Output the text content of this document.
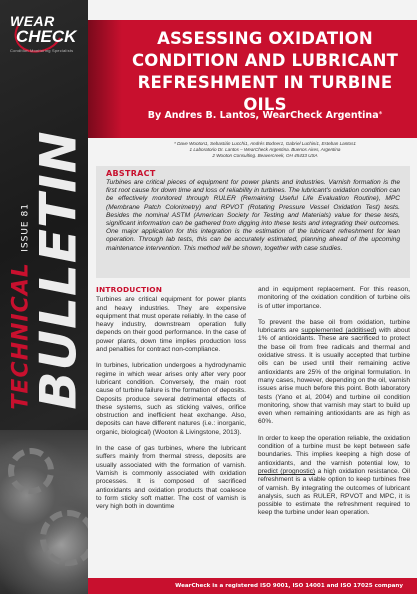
WEAR
CHECK
Condition Monitoring Specialists
TECHNICAL ISSUE 81 BULLETIN
ASSESSING OXIDATION
CONDITION AND LUBRICANT
REFRESHMENT IN TURBINE OILS
By Andres B. Lantos, WearCheck Argentina*
* Dave Wooton1, Sebastián Lucchi1, Andrés Bodner1, Gabriel Luchini1, Esteban Lantos1
1 Laboratorio Dr. Lantos – WearCheck Argentina. Buenos Aires, Argentina
2 Wooton Consulting. Beavercreek, OH 45433 USA
ABSTRACT
Turbines are critical pieces of equipment for power plants and industries. Varnish formation is the first root cause for down time and loss of reliability in turbines. The lubricant's oxidation condition can be effectively monitored through RULER (Remaining Useful Life Evaluation Routine), MPC (Membrane Patch Colorimetry) and RPVOT (Rotating Pressure Vessel Oxidation Test) tests. Besides the nominal ASTM (American Society for Testing and Materials) value for these tests, significant information can be gathered from digging into these tests and integrating their outcomes. One major application for this integration is the estimation of the lubricant refreshment for lean operation. Through lab tests, this can be accurately estimated, planning ahead of the upcoming maintenance intervention. This method will be shown, together with case studies.
INTRODUCTION

Turbines are critical equipment for power plants and heavy industries. They are expensive equipment that must operate reliably. In the case of heavy industry, downstream operation fully depends on their good performance. In the case of power plants, down time implies production loss and penalties for contract non-compliance.

In turbines, lubrication undergoes a hydrodynamic regime in which wear arises only after very poor lubricant condition. Conversely, the main root cause of turbine failure is the formation of deposits. Deposits produce several detrimental effects of these systems, such as sticking valves, orifice obstruction and inefficient heat exchange. Also, deposits can have different natures (i.e.: inorganic, organic, biological) (Wooton & Livingstone, 2013).

In the case of gas turbines, where the lubricant suffers mainly from thermal stress, deposits are usually associated with the formation of varnish. Varnish is commonly associated with oxidation processes. It is composed of sacrificed antioxidants and oxidation products that coalesce to form sticky soft matter. The cost of varnish is very high both in downtime

and in equipment replacement. For this reason, monitoring of the oxidation condition of turbine oils is of utter importance.

To prevent the base oil from oxidation, turbine lubricants are supplemented (additised) with about 1% of antioxidants. These are sacrificed to protect the base oil from free radicals and thermal and oxidative stress. It is usually accepted that turbine oils can be used until their remaining active antioxidants are 25% of the original formulation. In many cases, however, depending on the oil, varnish issues arise much before this point. Both laboratory tests (Yano et al, 2004) and turbine oil condition monitoring, show that varnish may start to build up even when remaining antioxidants are as high as 60%.

In order to keep the operation reliable, the oxidation condition of a turbine must be kept between safe boundaries. This implies keeping a high dose of antioxidants, and the varnish potential low, to predict (prognostic) a high oxidation resistance. Oil refreshment is a viable option to keep turbines free of varnish. By integrating the outcomes of lubricant analysis, such as RULER, RPVOT and MPC, it is possible to estimate the refreshment required to keep the turbine under lean operation.

WearCheck is a registered ISO 9001, ISO 14001 and ISO 17025 company
